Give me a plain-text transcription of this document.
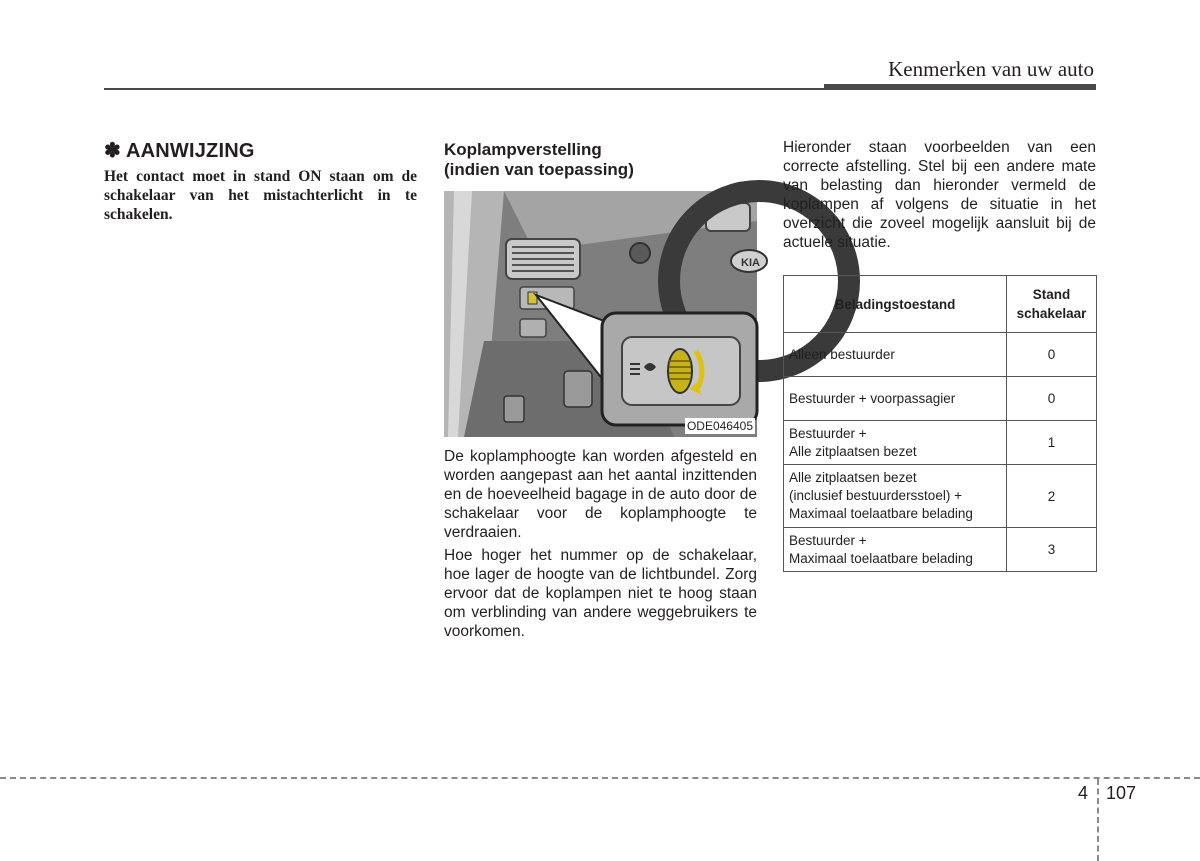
Kenmerken van uw auto
✽ AANWIJZING
Het contact moet in stand ON staan om de schakelaar van het mistachterlicht in te schakelen.

Koplampverstelling
(indien van toepassing)

KIA
ODE046405

De koplamphoogte kan worden afgesteld en worden aangepast aan het aantal inzittenden en de hoeveelheid bagage in de auto door de schakelaar voor de koplamphoogte te verdraaien.

Hoe hoger het nummer op de schakelaar, hoe lager de hoogte van de lichtbundel. Zorg ervoor dat de koplampen niet te hoog staan om verblinding van andere weggebruikers te voorkomen.

Hieronder staan voorbeelden van een correcte afstelling. Stel bij een andere mate van belasting dan hieronder vermeld de koplampen af volgens de situatie in het overzicht die zoveel mogelijk aansluit bij de actuele situatie.

Beladingstoestand	Stand
schakelaar
Alleen bestuurder	0
Bestuurder + voorpassagier	0
Bestuurder +
Alle zitplaatsen bezet	1
Alle zitplaatsen bezet
(inclusief bestuurdersstoel) +
Maximaal toelaatbare belading	2
Bestuurder +
Maximaal toelaatbare belading	3
4 107
